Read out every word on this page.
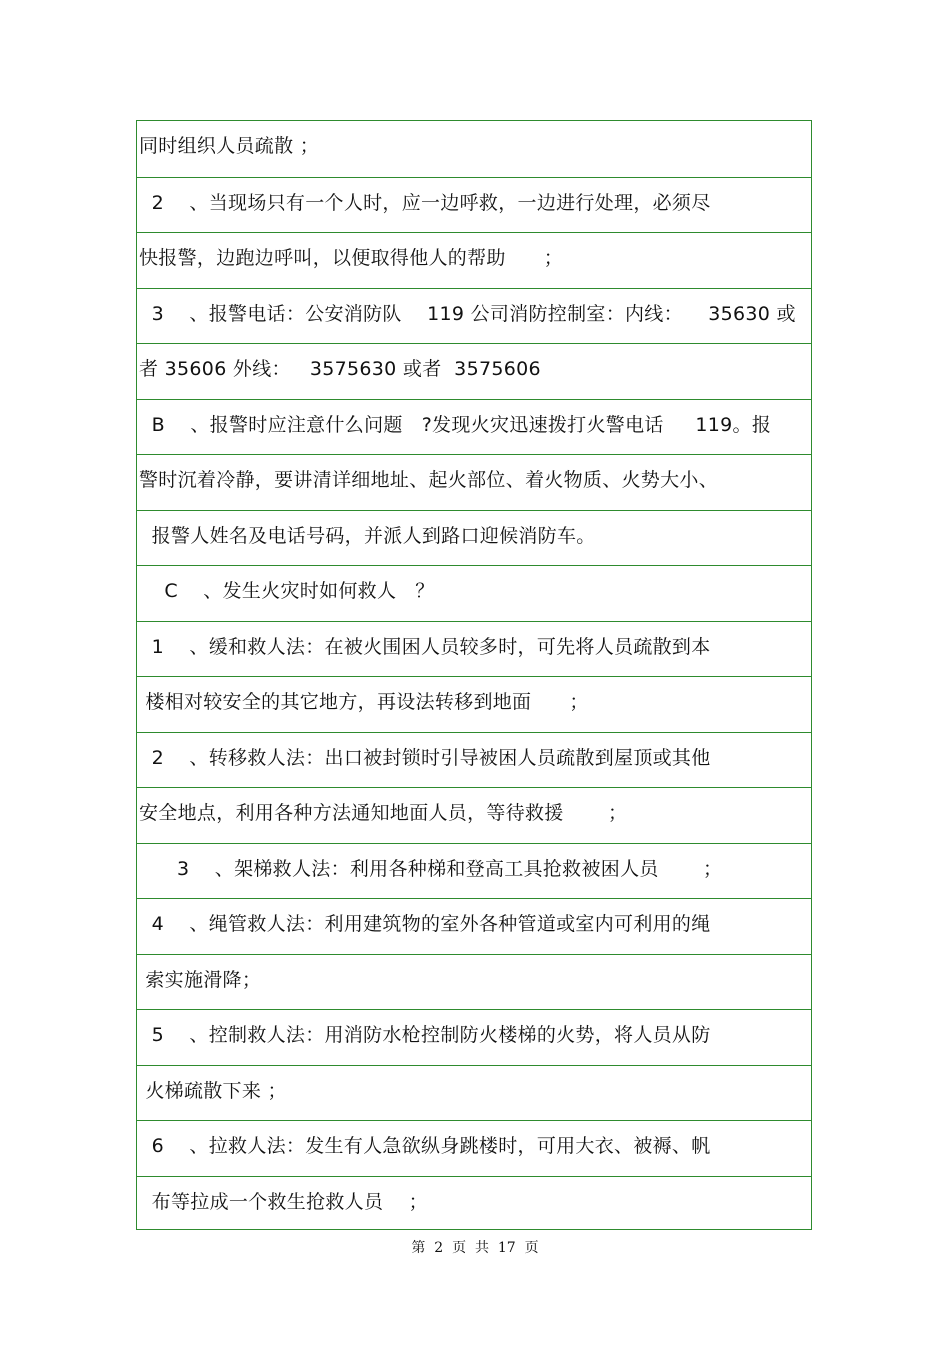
同时组织人员疏散 ；
2    、当现场只有一个人时，应一边呼救，一边进行处理，必须尽
快报警，边跑边呼叫，以便取得他人的帮助      ；
3    、报警电话：公安消防队    119 公司消防控制室：内线：    35630 或
者 35606 外线：   3575630 或者  3575606
B    、报警时应注意什么问题   ?发现火灾迅速拨打火警电话     119。报
警时沉着冷静，要讲清详细地址、起火部位、着火物质、火势大小、
报警人姓名及电话号码，并派人到路口迎候消防车。
C    、发生火灾时如何救人   ？
1    、缓和救人法：在被火围困人员较多时，可先将人员疏散到本
楼相对较安全的其它地方，再设法转移到地面      ；
2    、转移救人法：出口被封锁时引导被困人员疏散到屋顶或其他
安全地点，利用各种方法通知地面人员，等待救援       ；
3    、架梯救人法：利用各种梯和登高工具抢救被困人员       ；
4    、绳管救人法：利用建筑物的室外各种管道或室内可利用的绳
索实施滑降；
5    、控制救人法：用消防水枪控制防火楼梯的火势，将人员从防
火梯疏散下来 ；
6    、拉救人法：发生有人急欲纵身跳楼时，可用大衣、被褥、帆
布等拉成一个救生抢救人员    ；
第  2  页  共  17  页
